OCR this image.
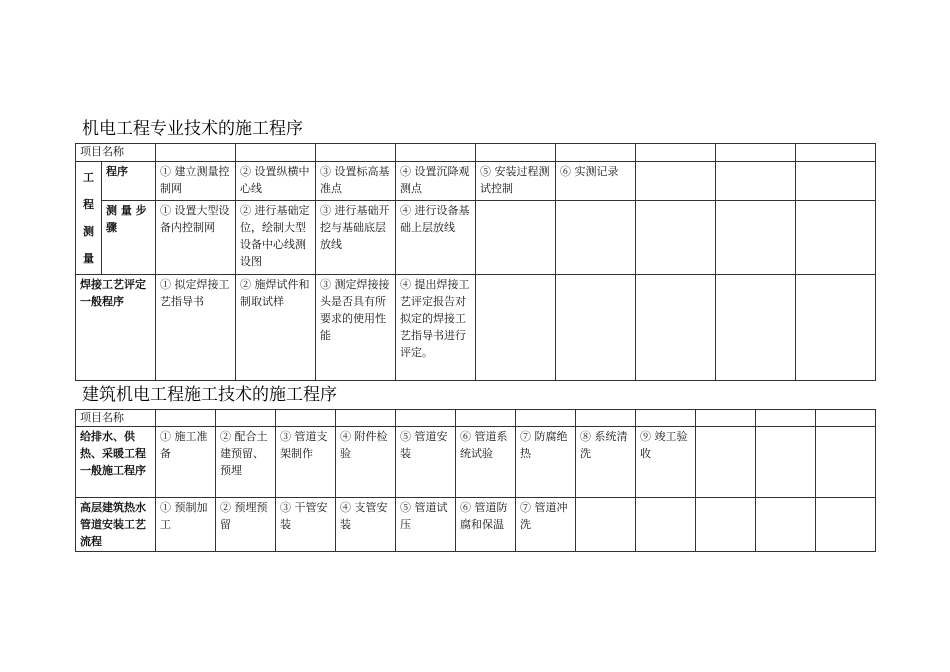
机电工程专业技术的施工程序
项目名称										

工
程
测
量	程序	① 建立测量控制网	② 设置纵横中心线	③ 设置标高基准点	④ 设置沉降观测点	⑤ 安装过程测试控制	⑥ 实测记录			
	测 量 步 骤	① 设置大型设备内控制网	② 进行基础定位，绘制大型设备中心线测设图	③ 进行基础开挖与基础底层放线	④ 进行设备基础上层放线					
焊接工艺评定一般程序		① 拟定焊接工艺指导书	② 施焊试件和制取试样	③ 测定焊接接头是否具有所要求的使用性能	④ 提出焊接工艺评定报告对拟定的焊接工艺指导书进行评定。					
建筑机电工程施工技术的施工程序
项目名称												
给排水、供热、采暖工程一般施工程序	① 施工准备	② 配合土建预留、预埋	③ 管道支架制作	④ 附件检验	⑤ 管道安装	⑥ 管道系统试验	⑦ 防腐绝热	⑧ 系统清洗	⑨ 竣工验收			
高层建筑热水管道安装工艺流程	① 预制加工	② 预埋预留	③ 干管安装	④ 支管安装	⑤ 管道试压	⑥ 管道防腐和保温	⑦ 管道冲洗					
